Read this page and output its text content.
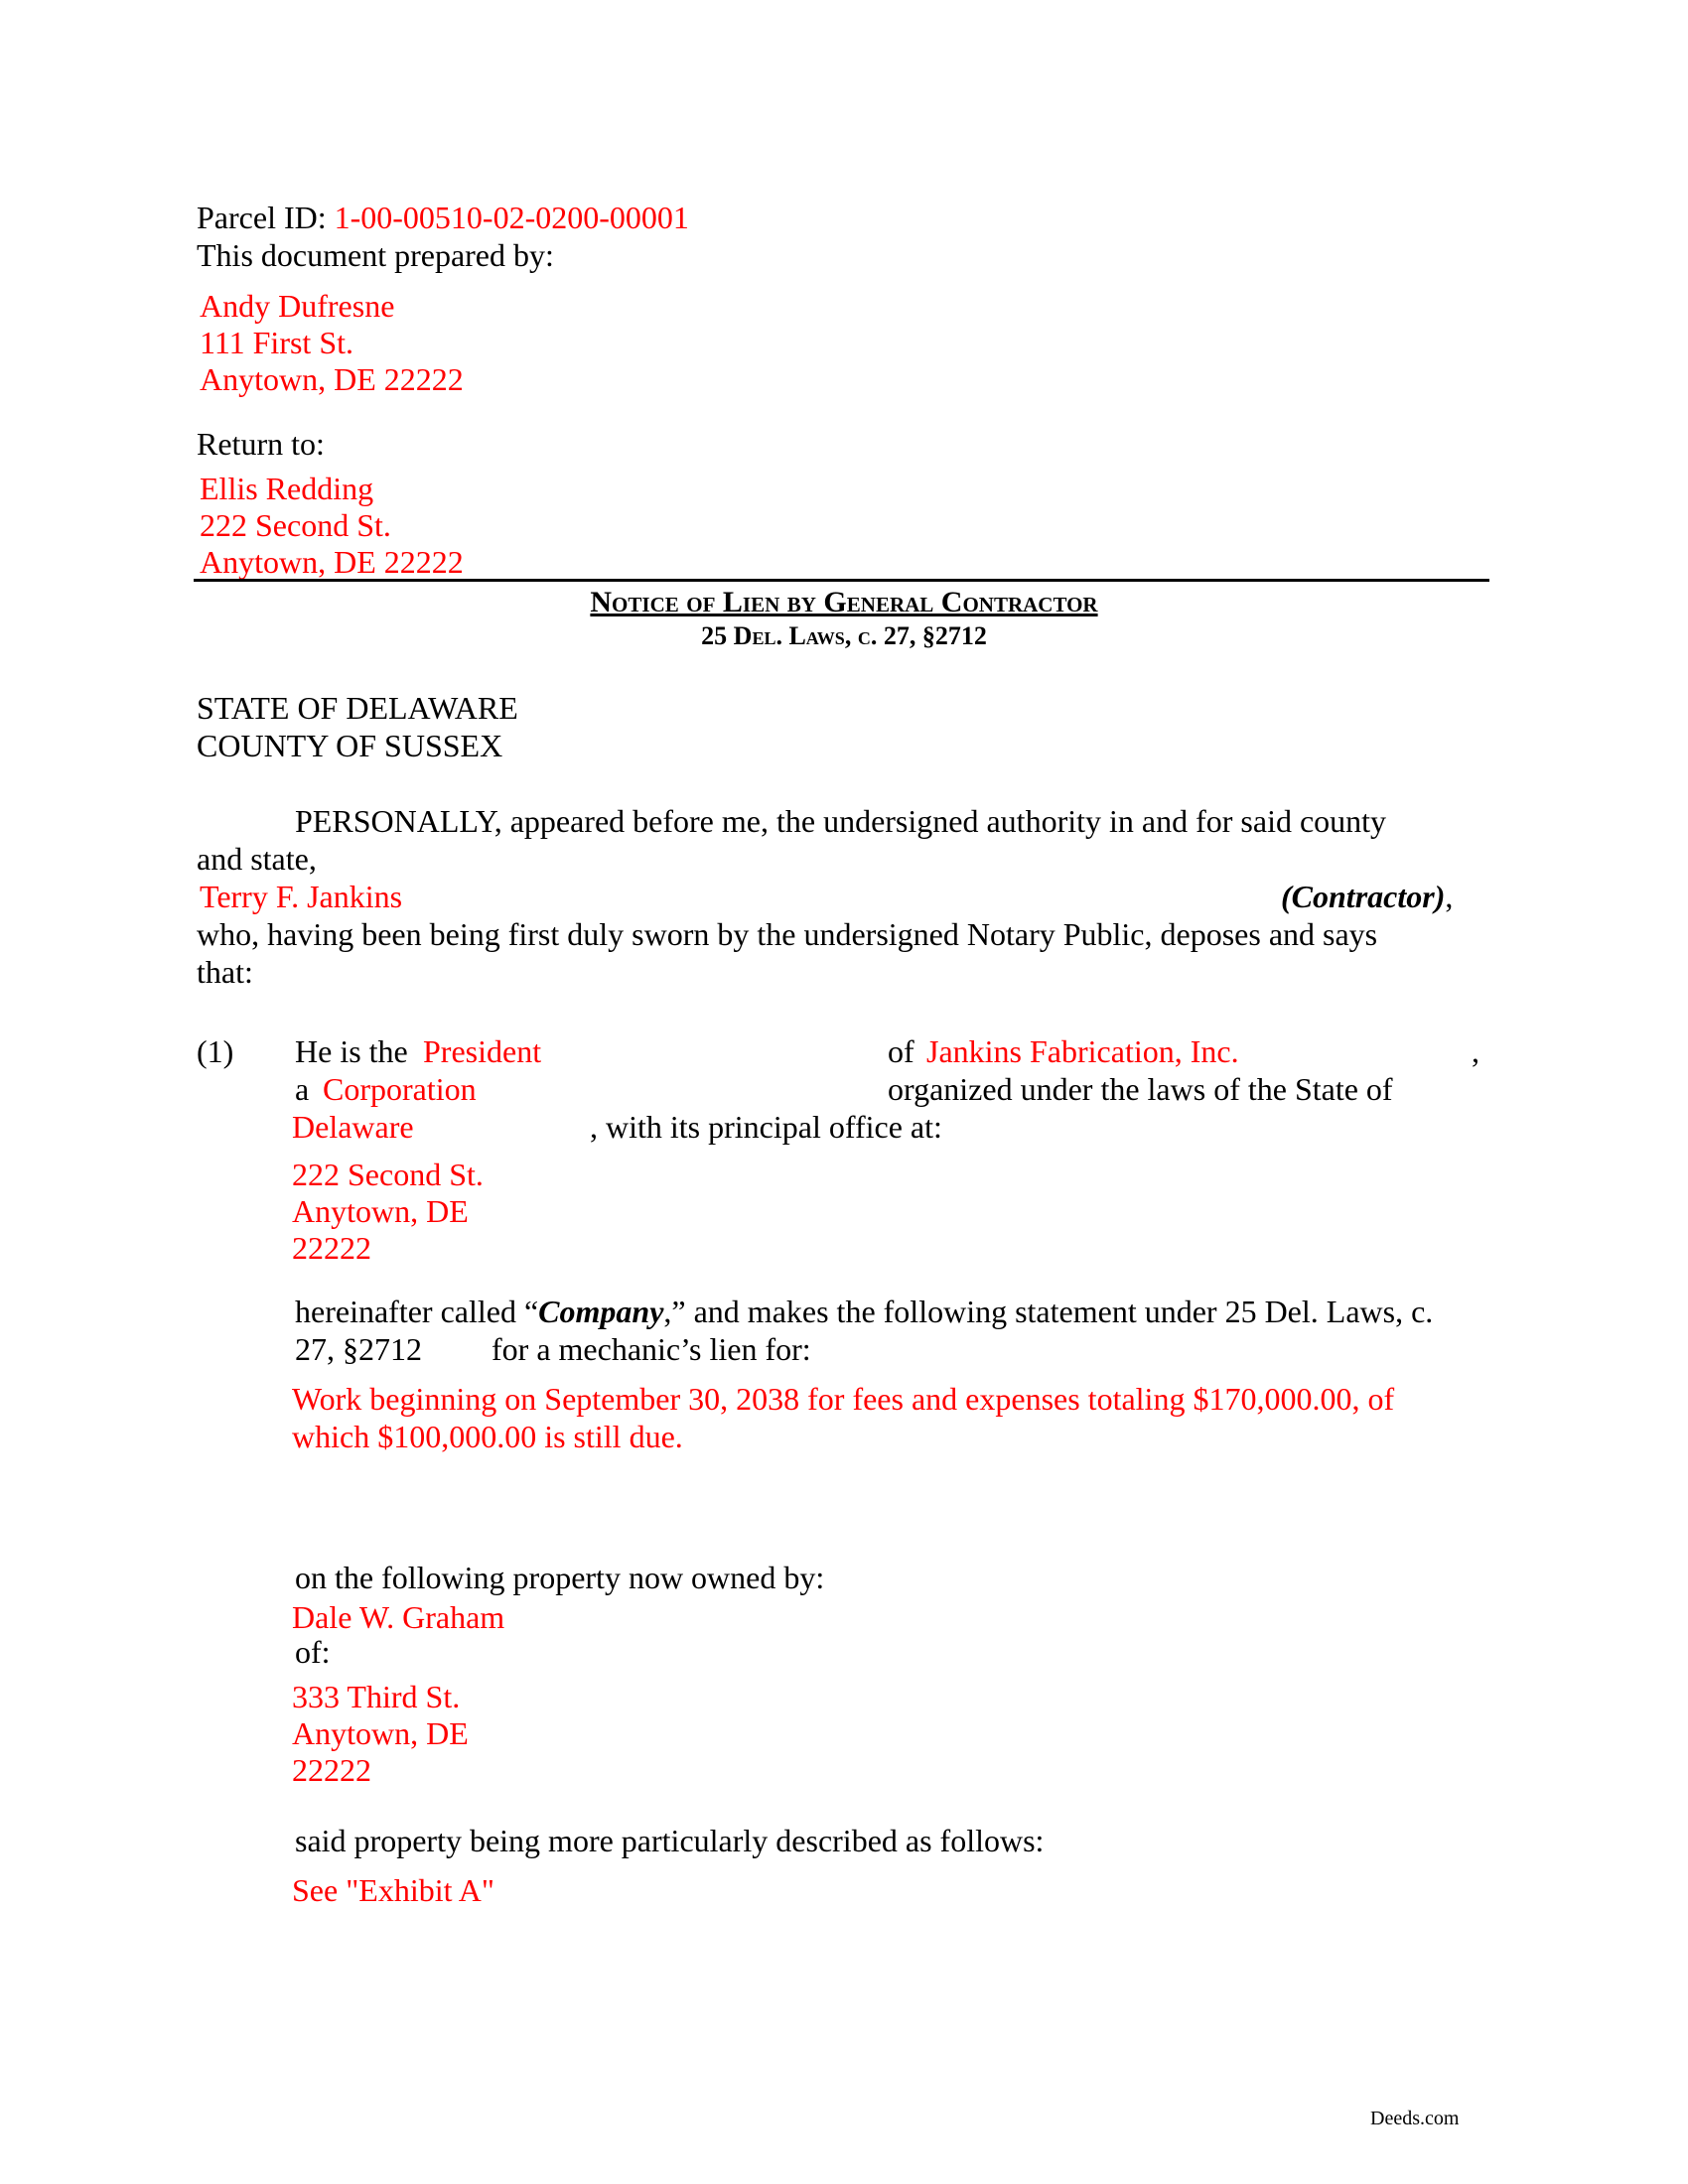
Parcel ID: 1-00-00510-02-0200-00001
This document prepared by:
Andy Dufresne
111 First St.
Anytown, DE 22222
Return to:
Ellis Redding
222 Second St.
Anytown, DE 22222
Notice of Lien by General Contractor
25 Del. Laws, c. 27, §2712
STATE OF DELAWARE
COUNTY OF SUSSEX
PERSONALLY, appeared before me, the undersigned authority in and for said county
and state,
Terry F. Jankins	(Contractor),
who, having been being first duly sworn by the undersigned Notary Public, deposes and says
that:
(1) He is the President	of Jankins Fabrication, Inc.	,
a Corporation	organized under the laws of the State of
Delaware	, with its principal office at:
222 Second St.
Anytown, DE
22222
hereinafter called “Company,” and makes the following statement under 25 Del. Laws, c.
27, §2712 for a mechanic’s lien for:
Work beginning on September 30, 2038 for fees and expenses totaling $170,000.00, of
which $100,000.00 is still due.
on the following property now owned by:
Dale W. Graham
of:
333 Third St.
Anytown, DE
22222
said property being more particularly described as follows:
See "Exhibit A"
Deeds.com
